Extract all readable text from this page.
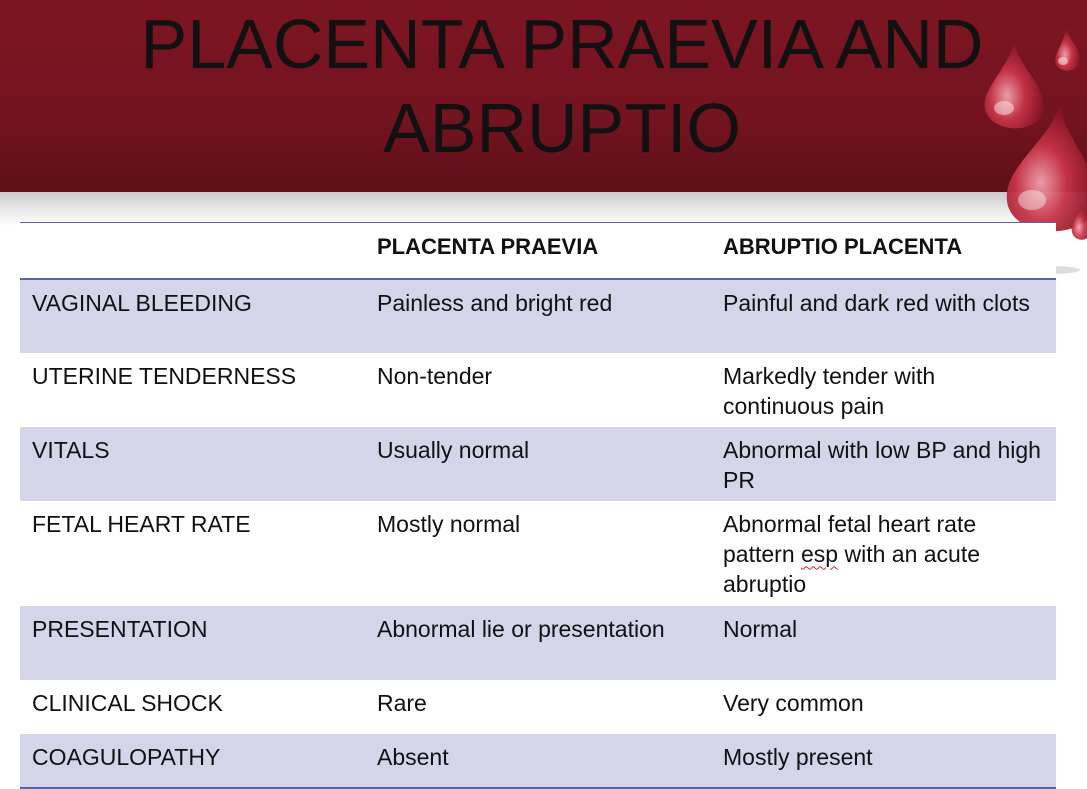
PLACENTA PRAEVIA AND ABRUPTIO
	PLACENTA PRAEVIA	ABRUPTIO PLACENTA
VAGINAL BLEEDING	Painless and bright red	Painful and dark red with clots
UTERINE TENDERNESS	Non-tender	Markedly tender with continuous pain
VITALS	Usually normal	Abnormal with low BP and high PR
FETAL HEART RATE	Mostly normal	Abnormal fetal heart rate pattern esp with an acute abruptio
PRESENTATION	Abnormal lie or presentation	Normal
CLINICAL SHOCK	Rare	Very common
COAGULOPATHY	Absent	Mostly present
